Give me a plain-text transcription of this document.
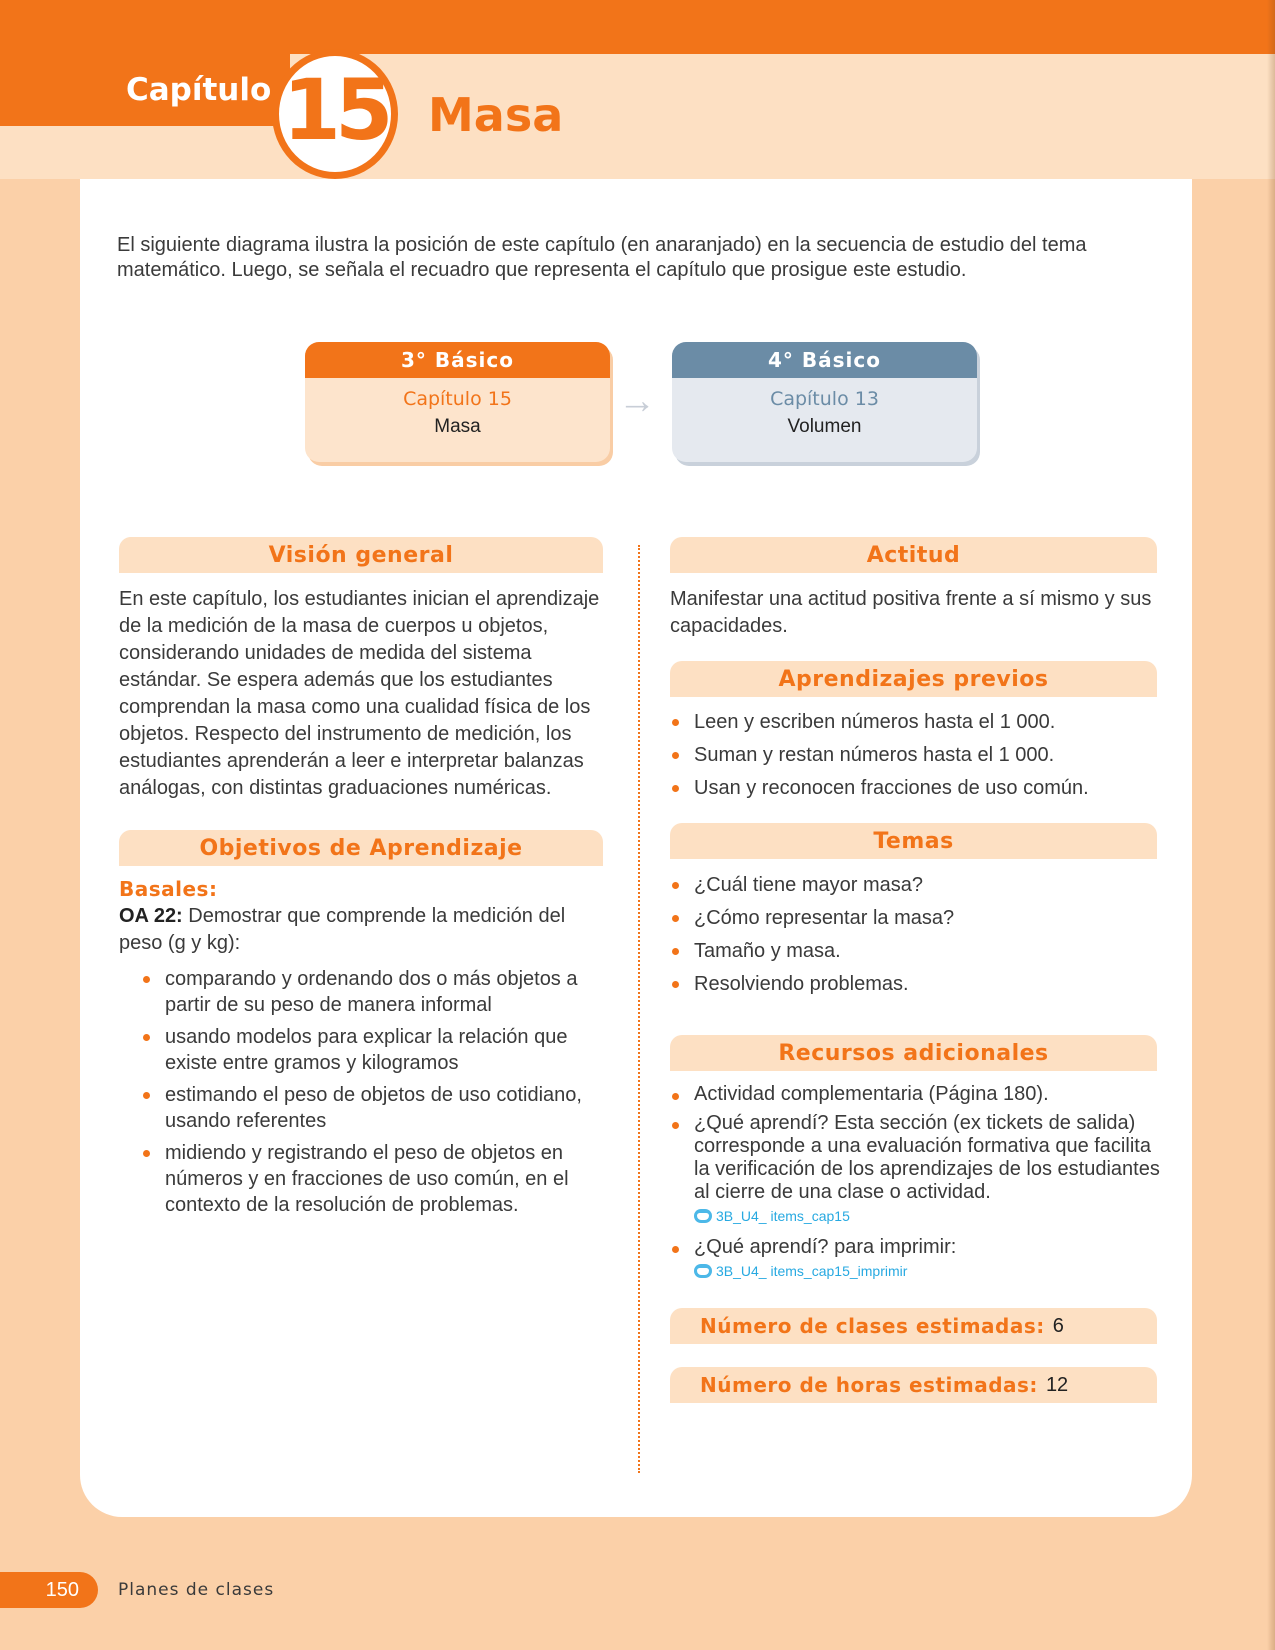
Capítulo 15 Masa

El siguiente diagrama ilustra la posición de este capítulo (en anaranjado) en la secuencia de estudio del tema matemático. Luego, se señala el recuadro que representa el capítulo que prosigue este estudio.

3° Básico
Capítulo 15
Masa
→
4° Básico
Capítulo 13
Volumen
Visión general

En este capítulo, los estudiantes inician el aprendizaje de la medición de la masa de cuerpos u objetos, considerando unidades de medida del sistema estándar. Se espera además que los estudiantes comprendan la masa como una cualidad física de los objetos. Respecto del instrumento de medición, los estudiantes aprenderán a leer e interpretar balanzas análogas, con distintas graduaciones numéricas.

Objetivos de Aprendizaje
Basales:

OA 22: Demostrar que comprende la medición del peso (g y kg):

comparando y ordenando dos o más objetos a partir de su peso de manera informal
usando modelos para explicar la relación que existe entre gramos y kilogramos
estimando el peso de objetos de uso cotidiano, usando referentes
midiendo y registrando el peso de objetos en números y en fracciones de uso común, en el contexto de la resolución de problemas.
Actitud

Manifestar una actitud positiva frente a sí mismo y sus capacidades.

Aprendizajes previos
Leen y escriben números hasta el 1 000.
Suman y restan números hasta el 1 000.
Usan y reconocen fracciones de uso común.
Temas
¿Cuál tiene mayor masa?
¿Cómo representar la masa?
Tamaño y masa.
Resolviendo problemas.
Recursos adicionales
Actividad complementaria (Página 180).
¿Qué aprendí? Esta sección (ex tickets de salida) corresponde a una evaluación formativa que facilita la verificación de los aprendizajes de los estudiantes al cierre de una clase o actividad.
3B_U4_ items_cap15
¿Qué aprendí? para imprimir:
3B_U4_ items_cap15_imprimir
Número de clases estimadas: 6
Número de horas estimadas: 12
150 Planes de clases
